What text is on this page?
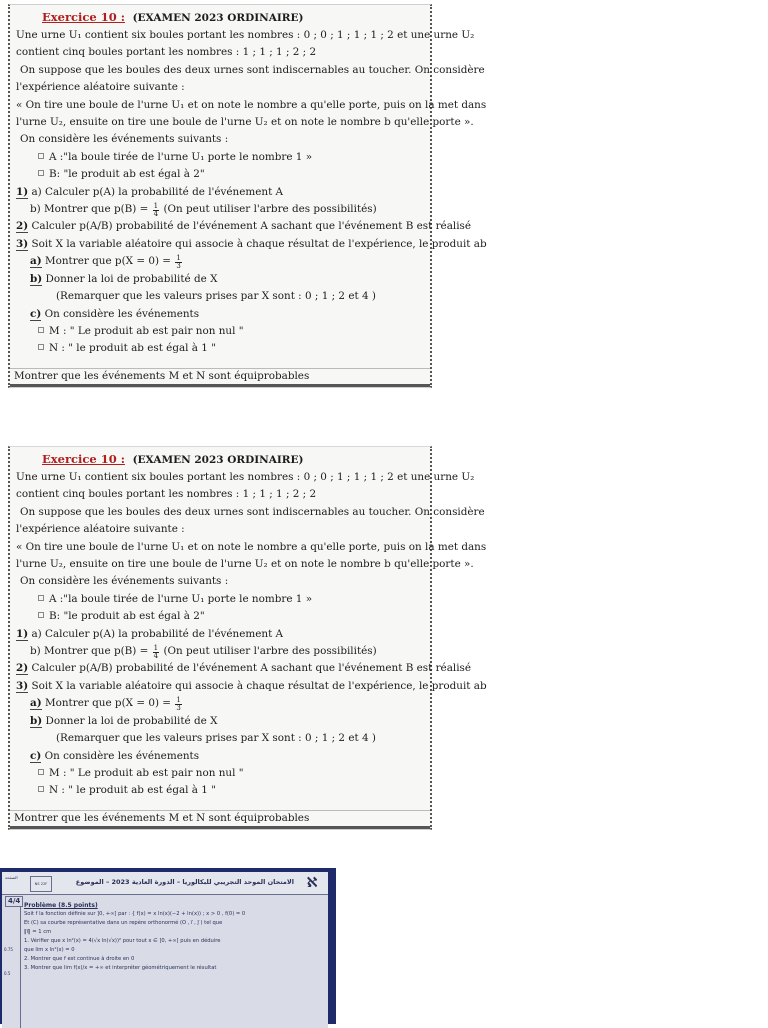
Exercice 10 : (EXAMEN 2023 ORDINAIRE)
Une urne U₁ contient six boules portant les nombres : 0 ; 0 ; 1 ; 1 ; 1 ; 2 et une urne U₂
contient cinq boules portant les nombres : 1 ; 1 ; 1 ; 2 ; 2
On suppose que les boules des deux urnes sont indiscernables au toucher. On considère
l'expérience aléatoire suivante :
« On tire une boule de l'urne U₁ et on note le nombre a qu'elle porte, puis on la met dans
l'urne U₂, ensuite on tire une boule de l'urne U₂ et on note le nombre b qu'elle porte ».
On considère les événements suivants :
A :"la boule tirée de l'urne U₁ porte le nombre 1 »
B: "le produit ab est égal à 2"
1) a) Calculer p(A) la probabilité de l'événement A
b) Montrer que $p(B) = \frac{1}{4} (On$ peut utiliser l'arbre des possibilités)
2) Calculer p(A/B) probabilité de l'événement A sachant que l'événement B est réalisé
3) Soit X la variable aléatoire qui associe à chaque résultat de l'expérience, le produit ab
a) Montrer que $p(X = 0) = \frac{1}{3}$
b) Donner la loi de probabilité de X
(Remarquer que les valeurs prises par X sont : 0 ; 1 ; 2 et 4 )
c) On considère les événements
M : " Le produit ab est pair non nul "
N : " le produit ab est égal à 1 "
Montrer que les événements M et N sont équiprobables
Exercice 10 : (EXAMEN 2023 ORDINAIRE)
Une urne U₁ contient six boules portant les nombres : 0 ; 0 ; 1 ; 1 ; 1 ; 2 et une urne U₂
contient cinq boules portant les nombres : 1 ; 1 ; 1 ; 2 ; 2
On suppose que les boules des deux urnes sont indiscernables au toucher. On considère
l'expérience aléatoire suivante :
« On tire une boule de l'urne U₁ et on note le nombre a qu'elle porte, puis on la met dans
l'urne U₂, ensuite on tire une boule de l'urne U₂ et on note le nombre b qu'elle porte ».
On considère les événements suivants :
A :"la boule tirée de l'urne U₁ porte le nombre 1 »
B: "le produit ab est égal à 2"
1) a) Calculer p(A) la probabilité de l'événement A
b) Montrer que $p(B) = \frac{1}{4} (On$ peut utiliser l'arbre des possibilités)
2) Calculer p(A/B) probabilité de l'événement A sachant que l'événement B est réalisé
3) Soit X la variable aléatoire qui associe à chaque résultat de l'expérience, le produit ab
a) Montrer que $p(X = 0) = \frac{1}{3}$
b) Donner la loi de probabilité de X
(Remarquer que les valeurs prises par X sont : 0 ; 1 ; 2 et 4 )
c) On considère les événements
M : " Le produit ab est pair non nul "
N : " le produit ab est égal à 1 "
Montrer que les événements M et N sont équiprobables
الصفحة
NS 22F	الامتحان الموحد التجريبي للبكالوريا – الدورة العادية 2023 – الموضوع ℵ
4/4
0.75
0.5
Problème (8.5 points)
Soit f la fonction définie sur ]0, +∞[ par : { f(x) = x ln(x)(−2 + ln(x)) ; x > 0 , f(0) = 0
Et (C) sa courbe représentative dans un repère orthonormé (O , i⃗ , j⃗ ) tel que
‖i⃗‖ = 1 cm
1. Vérifier que x ln²(x) = 4(√x ln(√x))² pour tout x ∈ ]0, +∞[ puis en déduire
que lim x ln²(x) = 0
2. Montrer que f est continue à droite en 0
3. Montrer que lim f(x)/x = +∞ et interpréter géométriquement le résultat
